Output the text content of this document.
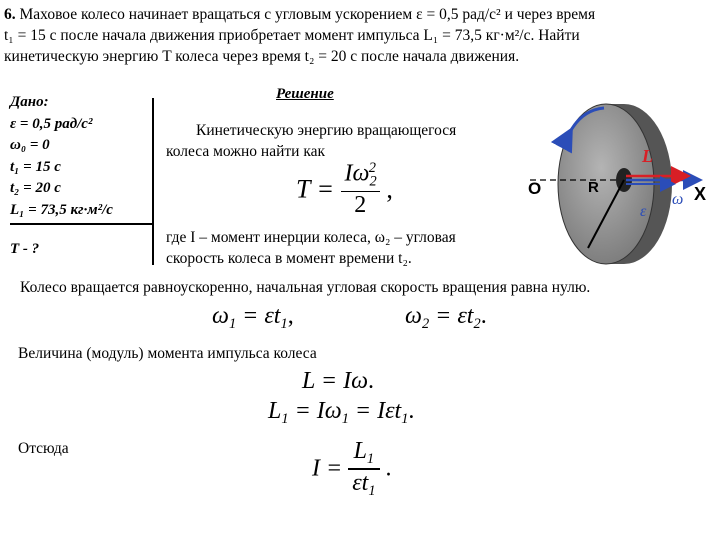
6. Маховое колесо начинает вращаться с угловым ускорением ε = 0,5 рад/с² и через время
t₁ = 15 с после начала движения приобретает момент импульса L₁ = 73,5 кг·м²/с. Найти
кинетическую энергию T колеса через время t₂ = 20 с после начала движения.
Дано:
ε = 0,5 рад/с²
ω₀ = 0
t₁ = 15 с
t₂ = 20 с
L₁ = 73,5 кг·м²/с
T - ?
Решение
Кинетическую энергию вращающегося
колеса можно найти как
$T = \frac{I\omega_2^2}{2}$ ,
где I – момент инерции колеса, ω₂ – угловая
скорость колеса в момент времени t₂.
Колесо вращается равноускоренно, начальная угловая скорость вращения равна нулю.
$\omega_1 = \varepsilon t_1$,	$\omega_2 = \varepsilon t_2$.
Величина (модуль) момента импульса колеса
L = Iω.
$L_1 = I\omega_1 = I\varepsilon t_1$.
Отсюда
$I = \frac{L_1}{\varepsilon t_1}$ .
O	R	X
L
ε
ω
